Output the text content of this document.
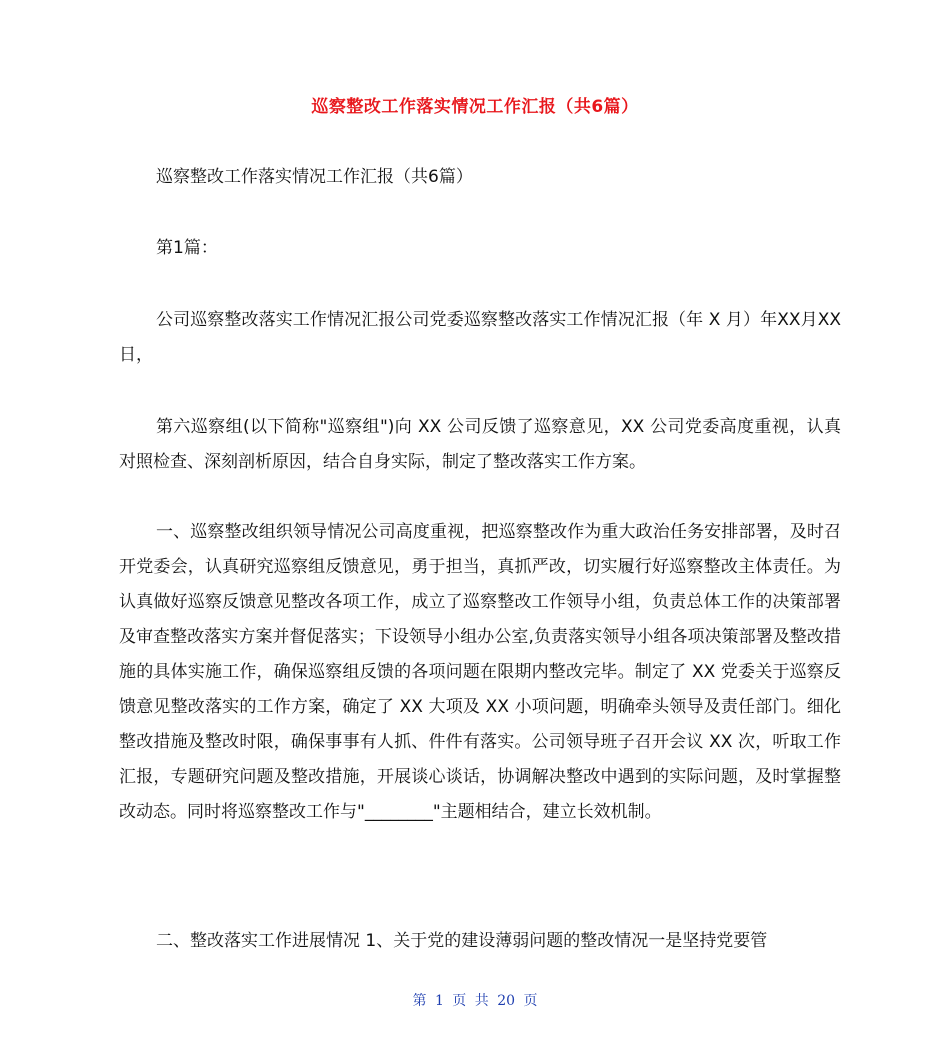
巡察整改工作落实情况工作汇报（共6篇）

巡察整改工作落实情况工作汇报（共6篇）

第1篇：

公司巡察整改落实工作情况汇报公司党委巡察整改落实工作情况汇报（年 X 月）年XX月XX日，

第六巡察组(以下简称"巡察组")向 XX 公司反馈了巡察意见，XX 公司党委高度重视，认真对照检查、深刻剖析原因，结合自身实际，制定了整改落实工作方案。

一、巡察整改组织领导情况公司高度重视，把巡察整改作为重大政治任务安排部署，及时召开党委会，认真研究巡察组反馈意见，勇于担当，真抓严改，切实履行好巡察整改主体责任。为认真做好巡察反馈意见整改各项工作，成立了巡察整改工作领导小组，负责总体工作的决策部署及审查整改落实方案并督促落实；下设领导小组办公室,负责落实领导小组各项决策部署及整改措施的具体实施工作，确保巡察组反馈的各项问题在限期内整改完毕。制定了 XX 党委关于巡察反馈意见整改落实的工作方案，确定了 XX 大项及 XX 小项问题，明确牵头领导及责任部门。细化整改措施及整改时限，确保事事有人抓、件件有落实。公司领导班子召开会议 XX 次，听取工作汇报，专题研究问题及整改措施，开展谈心谈话，协调解决整改中遇到的实际问题，及时掌握整改动态。同时将巡察整改工作与"________"主题相结合，建立长效机制。

二、整改落实工作进展情况 1、关于党的建设薄弱问题的整改情况一是坚持党要管

第 1 页 共 20 页
